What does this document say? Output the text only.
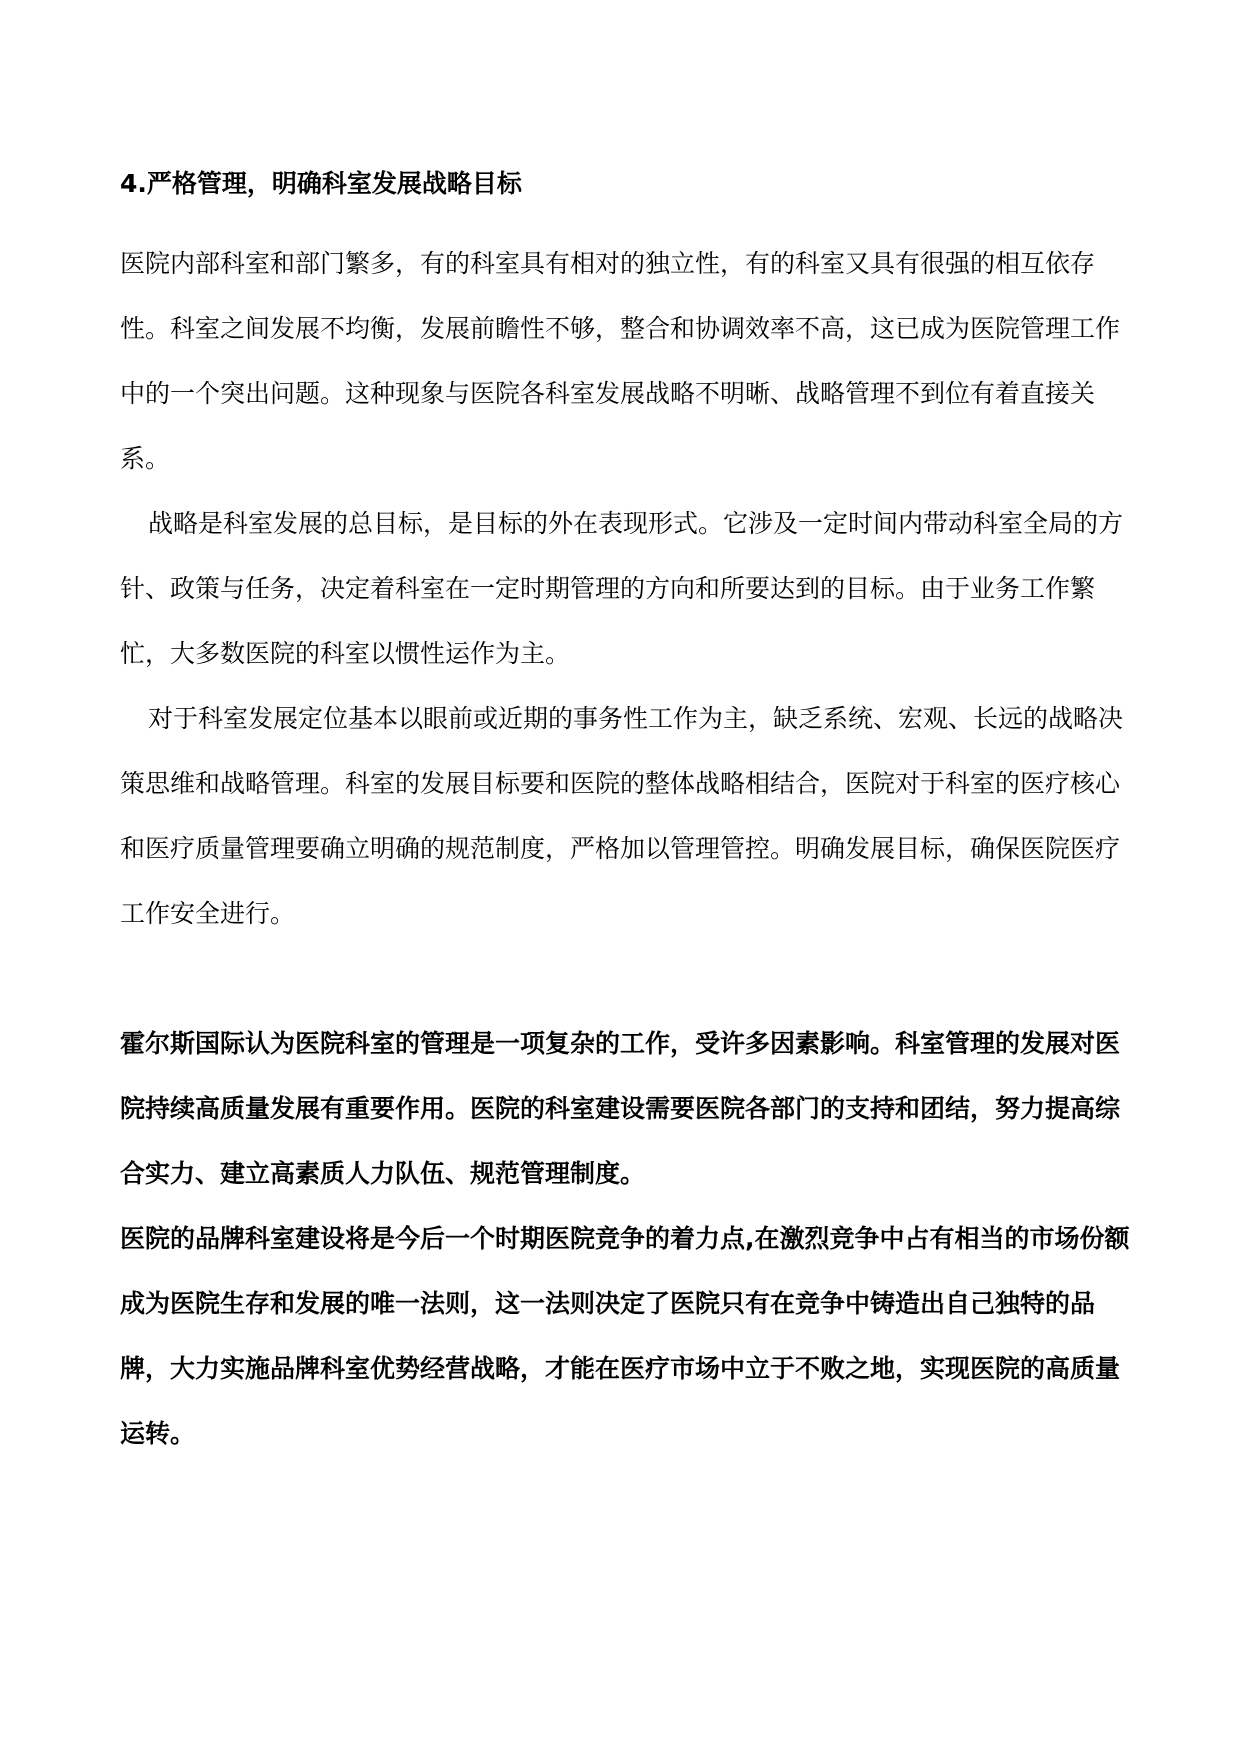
4.严格管理，明确科室发展战略目标

医院内部科室和部门繁多，有的科室具有相对的独立性，有的科室又具有很强的相互依存性。科室之间发展不均衡，发展前瞻性不够，整合和协调效率不高，这已成为医院管理工作中的一个突出问题。这种现象与医院各科室发展战略不明晰、战略管理不到位有着直接关系。

战略是科室发展的总目标，是目标的外在表现形式。它涉及一定时间内带动科室全局的方针、政策与任务，决定着科室在一定时期管理的方向和所要达到的目标。由于业务工作繁忙，大多数医院的科室以惯性运作为主。

对于科室发展定位基本以眼前或近期的事务性工作为主，缺乏系统、宏观、长远的战略决策思维和战略管理。科室的发展目标要和医院的整体战略相结合，医院对于科室的医疗核心和医疗质量管理要确立明确的规范制度，严格加以管理管控。明确发展目标，确保医院医疗工作安全进行。

霍尔斯国际认为医院科室的管理是一项复杂的工作，受许多因素影响。科室管理的发展对医院持续高质量发展有重要作用。医院的科室建设需要医院各部门的支持和团结，努力提高综合实力、建立高素质人力队伍、规范管理制度。

医院的品牌科室建设将是今后一个时期医院竞争的着力点,在激烈竞争中占有相当的市场份额成为医院生存和发展的唯一法则，这一法则决定了医院只有在竞争中铸造出自己独特的品牌，大力实施品牌科室优势经营战略，才能在医疗市场中立于不败之地，实现医院的高质量运转。
